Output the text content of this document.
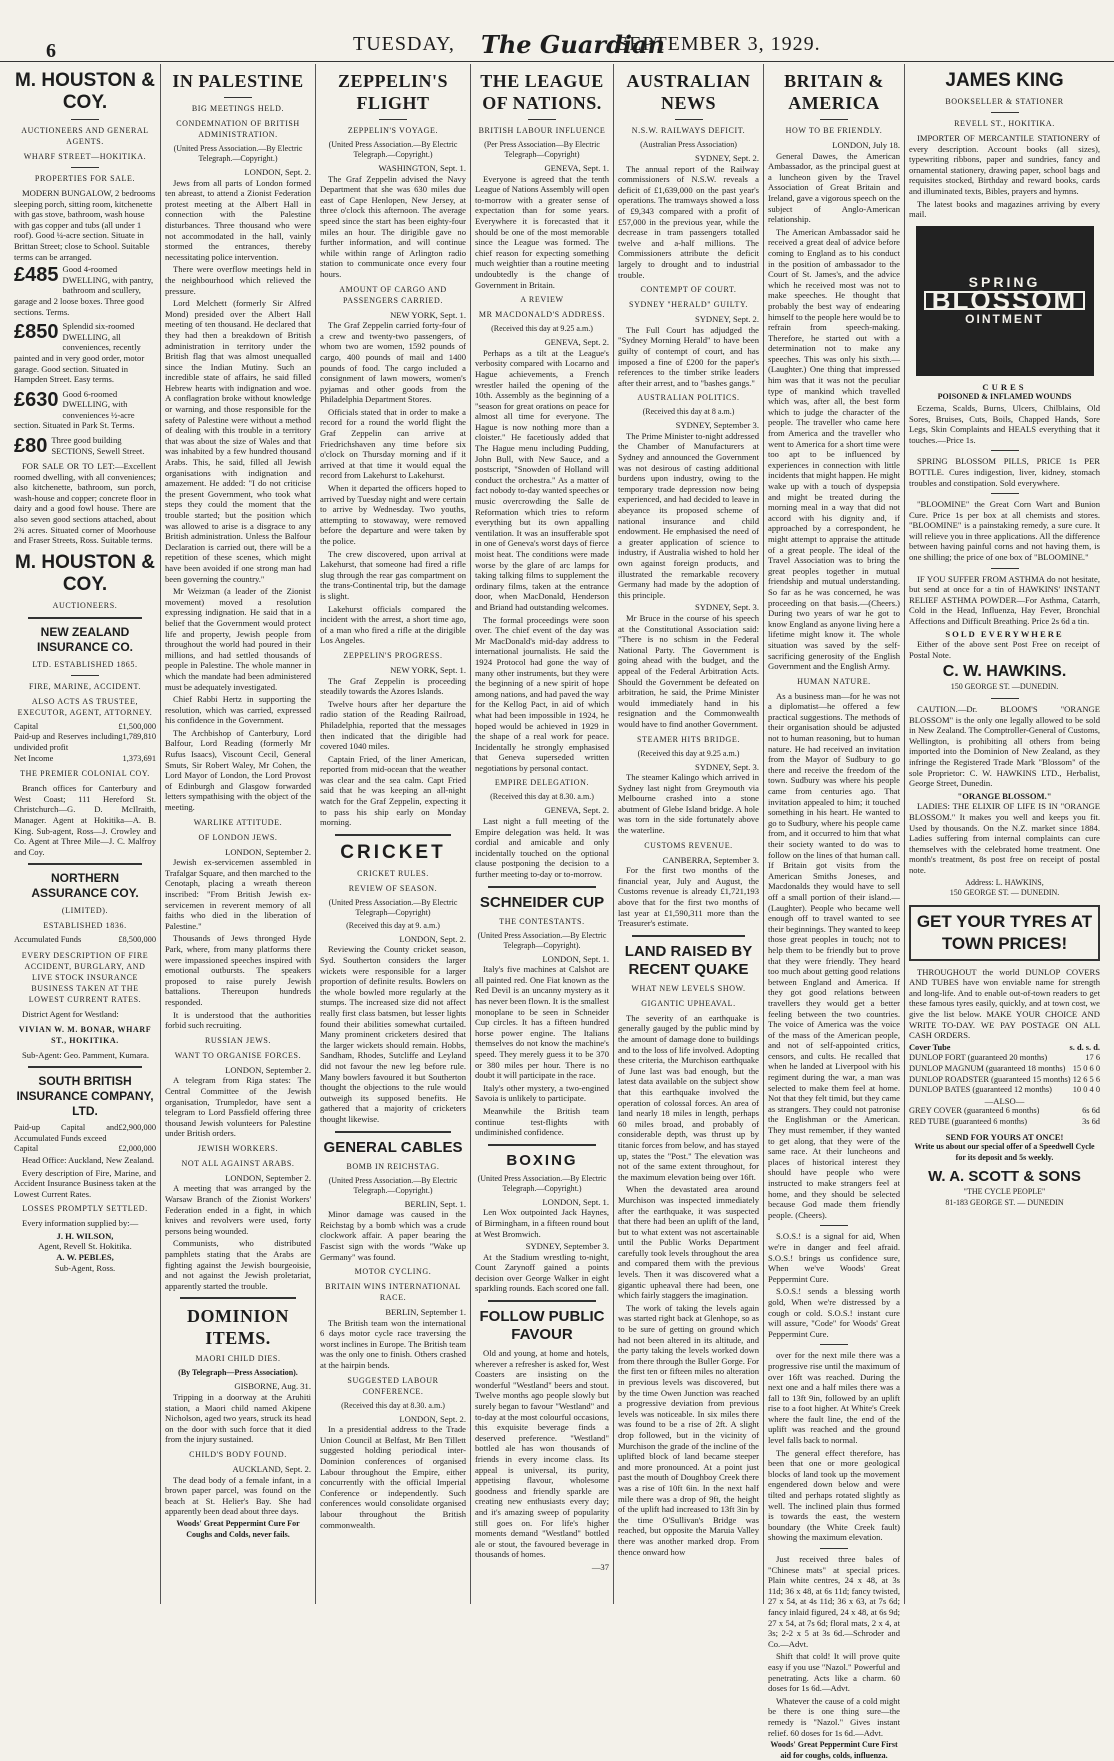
6	TUESDAY, The Guardian
SEPTEMBER 3, 1929.
M. HOUSTON & COY.
AUCTIONEERS AND GENERAL AGENTS.
WHARF STREET—HOKITIKA.
PROPERTIES FOR SALE.

MODERN BUNGALOW, 2 bedrooms sleeping porch, sitting room, kitchenette with gas stove, bathroom, wash house with gas copper and tubs (all under 1 roof). Good ¼-acre section. Situate in Brittan Street; close to School. Suitable terms can be arranged.

£485 Good 4-roomed DWELLING, with pantry, bathroom and scullery, garage and 2 loose boxes. Three good sections. Terms.
£850 Splendid six-roomed DWELLING, all conveniences, recently painted and in very good order, motor garage. Good section. Situated in Hampden Street. Easy terms.
£630 Good 6-roomed DWELLING, with conveniences ½-acre section. Situated in Park St. Terms.
£80 Three good building SECTIONS, Sewell Street.

FOR SALE OR TO LET:—Excellent roomed dwelling, with all conveniences; also kitchenette, bathroom, sun porch, wash-house and copper; concrete floor in dairy and a good fowl house. There are also seven good sections attached, about 2¾ acres. Situated corner of Moorhouse and Fraser Streets, Ross. Suitable terms.

M. HOUSTON & COY.
AUCTIONEERS.
NEW ZEALAND INSURANCE CO.
LTD. ESTABLISHED 1865.
FIRE, MARINE, ACCIDENT.
ALSO ACTS AS TRUSTEE, EXECUTOR, AGENT, ATTORNEY.
Capital	£1,500,000
Paid-up and Reserves including undivided profit
1,789,810
Net Income	1,373,691
THE PREMIER COLONIAL COY.

Branch offices for Canterbury and West Coast; 111 Hereford St. Christchurch—G. D. McIlraith, Manager. Agent at Hokitika—A. B. King. Sub-agent, Ross—J. Crowley and Co. Agent at Three Mile—J. C. Malfroy and Coy.

NORTHERN ASSURANCE COY.
(LIMITED).
ESTABLISHED 1836.
Accumulated Funds	£8,500,000
EVERY DESCRIPTION OF FIRE ACCIDENT, BURGLARY, AND LIVE STOCK INSURANCE BUSINESS TAKEN AT THE LOWEST CURRENT RATES.

District Agent for Westland:

VIVIAN W. M. BONAR, WHARF ST., HOKITIKA.

Sub-Agent: Geo. Pamment, Kumara.

SOUTH BRITISH INSURANCE COMPANY, LTD.
Paid-up Capital and Accumulated Funds exceed
£2,900,000
Capital	£2,000,000

Head Office: Auckland, New Zealand.

Every description of Fire, Marine, and Accident Insurance Business taken at the Lowest Current Rates.

LOSSES PROMPTLY SETTLED.

Every information supplied by:—

J. H. WILSON,
Agent, Revell St. Hokitika.
A. W. PEBLES,
Sub-Agent, Ross.
IN PALESTINE
BIG MEETINGS HELD.
CONDEMNATION OF BRITISH ADMINISTRATION.
(United Press Association.—By Electric Telegraph.—Copyright.)
LONDON, Sept. 2.

Jews from all parts of London formed ten abreast, to attend a Zionist Federation protest meeting at the Albert Hall in connection with the Palestine disturbances. Three thousand who were not accommodated in the hall, vainly stormed the entrances, thereby necessitating police intervention.

There were overflow meetings held in the neighbourhood which relieved the pressure.

Lord Melchett (formerly Sir Alfred Mond) presided over the Albert Hall meeting of ten thousand. He declared that they had then a breakdown of British administration in territory under the British flag that was almost unequalled since the Indian Mutiny. Such an incredible state of affairs, he said filled Hebrew hearts with indignation and woe. A conflagration broke without knowledge or warning, and those responsible for the safety of Palestine were without a method of dealing with this trouble in a territory that was about the size of Wales and that was inhabited by a few hundred thousand Arabs. This, he said, filled all Jewish organisations with indignation and amazement. He added: "I do not criticise the present Government, who took what steps they could the moment that the trouble started; but the position which was allowed to arise is a disgrace to any British administration. Unless the Balfour Declaration is carried out, there will be a repetition of these scenes, which might have been avoided if one strong man had been governing the country."

Mr Weizman (a leader of the Zionist movement) moved a resolution expressing indignation. He said that in a belief that the Government would protect life and property, Jewish people from throughout the world had poured in their millions, and had settled thousands of people in Palestine. The whole manner in which the mandate had been administered must be adequately investigated.

Chief Rabbi Hertz in supporting the resolution, which was carried, expressed his confidence in the Government.

The Archbishop of Canterbury, Lord Balfour, Lord Reading (formerly Mr Rufus Isaacs), Viscount Cecil, General Smuts, Sir Robert Waley, Mr Cohen, the Lord Mayor of London, the Lord Provost of Edinburgh and Glasgow forwarded letters sympathising with the object of the meeting.

WARLIKE ATTITUDE.
OF LONDON JEWS.
LONDON, September 2.

Jewish ex-servicemen assembled in Trafalgar Square, and then marched to the Cenotaph, placing a wreath thereon inscribed: "From British Jewish ex-servicemen in reverent memory of all faiths who died in the liberation of Palestine."

Thousands of Jews thronged Hyde Park, where, from many platforms there were impassioned speeches inspired with emotional outbursts. The speakers proposed to raise purely Jewish battalions. Thereupon hundreds responded.

It is understood that the authorities forbid such recruiting.

RUSSIAN JEWS.
WANT TO ORGANISE FORCES.
LONDON, September 2.

A telegram from Riga states: The Central Committee of the Jewish organisation, Trumpledor, have sent a telegram to Lord Passfield offering three thousand Jewish volunteers for Palestine under British orders.

JEWISH WORKERS.
NOT ALL AGAINST ARABS.
LONDON, September 2.

A meeting that was arranged by the Warsaw Branch of the Zionist Workers' Federation ended in a fight, in which knives and revolvers were used, forty persons being wounded.

Communists, who distributed pamphlets stating that the Arabs are fighting against the Jewish bourgeoisie, and not against the Jewish proletariat, apparently started the trouble.

DOMINION ITEMS.
MAORI CHILD DIES.
(By Telegraph—Press Association).
GISBORNE, Aug. 31.

Tripping in a doorway at the Aruhiti station, a Maori child named Akipene Nicholson, aged two years, struck its head on the door with such force that it died from the injury sustained.

CHILD'S BODY FOUND.
AUCKLAND, Sept. 2.

The dead body of a female infant, in a brown paper parcel, was found on the beach at St. Helier's Bay. She had apparently been dead about three days.

Woods' Great Peppermint Cure For Coughs and Colds, never fails.
ZEPPELIN'S FLIGHT
ZEPPELIN'S VOYAGE.
(United Press Association.—By Electric Telegraph.—Copyright.)
WASHINGTON, Sept. 1.

The Graf Zeppelin advised the Navy Department that she was 630 miles due east of Cape Henlopen, New Jersey, at three o'clock this afternoon. The average speed since the start has been eighty-four miles an hour. The dirigible gave no further information, and will continue while within range of Arlington radio station to communicate once every four hours.

AMOUNT OF CARGO AND PASSENGERS CARRIED.
NEW YORK, Sept. 1.

The Graf Zeppelin carried forty-four of a crew and twenty-two passengers, of whom two are women, 1592 pounds of cargo, 400 pounds of mail and 1400 pounds of food. The cargo included a consignment of lawn mowers, women's pyjamas and other goods from the Philadelphia Department Stores.

Officials stated that in order to make a record for a round the world flight the Graf Zeppelin can arrive at Friedrichshaven any time before six o'clock on Thursday morning and if it arrived at that time it would equal the record from Lakehurst to Lakehurst.

When it departed the officers hoped to arrived by Tuesday night and were certain to arrive by Wednesday. Two youths, attempting to stowaway, were removed before the departure and were taken by the police.

The crew discovered, upon arrival at Lakehurst, that someone had fired a rifle slug through the rear gas compartment on the trans-Continental trip, but the damage is slight.

Lakehurst officials compared the incident with the arrest, a short time ago, of a man who fired a rifle at the dirigible Los Angeles.

ZEPPELIN'S PROGRESS.
NEW YORK, Sept. 1.

The Graf Zeppelin is proceeding steadily towards the Azores Islands.

Twelve hours after her departure the radio station of the Reading Railroad, Philadelphia, reported that the messages then indicated that the dirigible had covered 1040 miles.

Captain Fried, of the liner American, reported from mid-ocean that the weather was clear and the sea calm. Capt Fried said that he was keeping an all-night watch for the Graf Zeppelin, expecting it to pass his ship early on Monday morning.

CRICKET
CRICKET RULES.
REVIEW OF SEASON.
(United Press Association.—By Electric Telegraph—Copyright)
(Received this day at 9. a.m.)
LONDON, Sept. 2.

Reviewing the County cricket season, Syd. Southerton considers the larger wickets were responsible for a larger proportion of definite results. Bowlers on the whole bowled more regularly at the stumps. The increased size did not affect really first class batsmen, but lesser lights found their abilities somewhat curtailed. Many prominent cricketers desired that the larger wickets should remain. Hobbs, Sandham, Rhodes, Sutcliffe and Leyland did not favour the new leg before rule. Many bowlers favoured it but Southerton thought the objections to the rule would outweigh its supposed benefits. He gathered that a majority of cricketers thought likewise.

GENERAL CABLES
BOMB IN REICHSTAG.
(United Press Association.—By Electric Telegraph.—Copyright.)
BERLIN, Sept. 1.

Minor damage was caused in the Reichstag by a bomb which was a crude clockwork affair. A paper bearing the Fascist sign with the words "Wake up Germany" was found.

MOTOR CYCLING.
BRITAIN WINS INTERNATIONAL RACE.
BERLIN, September 1.

The British team won the international 6 days motor cycle race traversing the worst inclines in Europe. The British team was the only one to finish. Others crashed at the hairpin bends.

SUGGESTED LABOUR CONFERENCE.
(Received this day at 8.30. a.m.)
LONDON, Sept. 2.

In a presidential address to the Trade Union Council at Belfast, Mr Ben Tillett suggested holding periodical inter-Dominion conferences of organised Labour throughout the Empire, either concurrently with the official Imperial Conference or independently. Such conferences would consolidate organised labour throughout the British commonwealth.

THE LEAGUE OF NATIONS.
BRITISH LABOUR INFLUENCE
(Per Press Association—By Electric Telegraph—Copyright)
GENEVA, Sept. 1.

Everyone is agreed that the tenth League of Nations Assembly will open to-morrow with a greater sense of expectation than for some years. Everywhere it is forecasted that it should be one of the most memorable since the League was formed. The chief reason for expecting something much weightier than a routine meeting undoubtedly is the change of Government in Britain.

A REVIEW
MR MACDONALD'S ADDRESS.
(Received this day at 9.25 a.m.)
GENEVA, Sept. 2.

Perhaps as a tilt at the League's verbosity compared with Locarno and Hague achievements, a French wrestler hailed the opening of the 10th. Assembly as the beginning of a "season for great orations on peace for almost all time for everyone. The Hague is now nothing more than a cloister." He facetiously added that The Hague menu including Pudding, John Bull, with New Sauce, and a postscript, "Snowden of Holland will conduct the orchestra." As a matter of fact nobody to-day wanted speeches or music overcrowding the Salle de Reformation which tries to reform everything but its own appalling ventilation. It was an insufferable spot in one of Geneva's worst days of fierce moist heat. The conditions were made worse by the glare of arc lamps for taking talking films to supplement the ordinary films, taken at the entrance door, when MacDonald, Henderson and Briand had outstanding welcomes.

The formal proceedings were soon over. The chief event of the day was Mr MacDonald's mid-day address to international journalists. He said the 1924 Protocol had gone the way of many other instruments, but they were the beginning of a new spirit of hope among nations, and had paved the way for the Kellog Pact, in aid of which what had been impossible in 1924, he hoped would be achieved in 1929 in the shape of a real work for peace. Incidentally he strongly emphasised that Geneva superseded written negotiations by personal contact.

EMPIRE DELEGATION.
(Received this day at 8.30. a.m.)
GENEVA, Sept. 2.

Last night a full meeting of the Empire delegation was held. It was cordial and amicable and only incidentally touched on the optional clause postponing the decision to a further meeting to-day or to-morrow.

SCHNEIDER CUP
THE CONTESTANTS.
(United Press Association.—By Electric Telegraph—Copyright).
LONDON, Sept. 1.

Italy's five machines at Calshot are all painted red. One Fiat known as the Red Devil is an uncanny mystery as it has never been flown. It is the smallest monoplane to be seen in Schneider Cup circles. It has a fifteen hundred horse power engine. The Italians themselves do not know the machine's speed. They merely guess it to be 370 or 380 miles per hour. There is no doubt it will participate in the race.

Italy's other mystery, a two-engined Savoia is unlikely to participate.

Meanwhile the British team continue test-flights with undiminished confidence.

BOXING
(United Press Association.—By Electric Telegraph.—Copyright.)
LONDON, Sept. 1.

Len Wox outpointed Jack Haynes, of Birmingham, in a fifteen round bout at West Bromwich.

SYDNEY, September 3.

At the Stadium wrestling to-night, Count Zarynoff gained a points decision over George Walker in eight sparkling rounds. Each scored one fall.

FOLLOW PUBLIC FAVOUR

Old and young, at home and hotels, wherever a refresher is asked for, West Coasters are insisting on the wonderful "Westland" beers and stout. Twelve months ago people slowly but surely began to favour "Westland" and to-day at the most colourful occasions, this exquisite beverage finds a deserved preference. "Westland" bottled ale has won thousands of friends in every income class. Its appeal is universal, its purity, appetising flavour, wholesome goodness and friendly sparkle are creating new enthusiasts every day; and it's amazing sweep of popularity still goes on. For life's higher moments demand "Westland" bottled ale or stout, the favoured beverage in thousands of homes.

—37
AUSTRALIAN NEWS
N.S.W. RAILWAYS DEFICIT.
(Australian Press Association)
SYDNEY, Sept. 2.

The annual report of the Railway commissioners of N.S.W. reveals a deficit of £1,639,000 on the past year's operations. The tramways showed a loss of £9,343 compared with a profit of £57,000 in the previous year, while the decrease in tram passengers totalled twelve and a-half millions. The Commissioners attribute the deficit largely to drought and to industrial trouble.

CONTEMPT OF COURT.
SYDNEY "HERALD" GUILTY.
SYDNEY, Sept. 2.

The Full Court has adjudged the "Sydney Morning Herald" to have been guilty of contempt of court, and has imposed a fine of £200 for the paper's references to the timber strike leaders after their arrest, and to "bashes gangs."

AUSTRALIAN POLITICS.
(Received this day at 8 a.m.)
SYDNEY, September 3.

The Prime Minister to-night addressed the Chamber of Manufacturers at Sydney and announced the Government was not desirous of casting additional burdens upon industry, owing to the temporary trade depression now being experienced, and had decided to leave in abeyance its proposed scheme of national insurance and child endowment. He emphasised the need of a greater application of science to industry, if Australia wished to hold her own against foreign products, and illustrated the remarkable recovery Germany had made by the adoption of this principle.

SYDNEY, Sept. 3.

Mr Bruce in the course of his speech at the Constitutional Association said: "There is no schism in the Federal National Party. The Government is going ahead with the budget, and the appeal of the Federal Arbitration Acts. Should the Government be defeated on arbitration, he said, the Prime Minister would immediately hand in his resignation and the Commonwealth would have to find another Government.

STEAMER HITS BRIDGE.
(Received this day at 9.25 a.m.)
SYDNEY, Sept. 3.

The steamer Kalingo which arrived in Sydney last night from Greymouth via Melbourne crashed into a stone abutment of Glebe Island bridge. A hole was torn in the side fortunately above the waterline.

CUSTOMS REVENUE.
CANBERRA, September 3.

For the first two months of the financial year, July and August, the Customs revenue is already £1,721,193 above that for the first two months of last year at £1,590,311 more than the Treasurer's estimate.

LAND RAISED BY RECENT QUAKE
WHAT NEW LEVELS SHOW.
GIGANTIC UPHEAVAL.

The severity of an earthquake is generally gauged by the public mind by the amount of damage done to buildings and to the loss of life involved. Adopting these criteria, the Murchison earthquake of June last was bad enough, but the latest data available on the subject show that this earthquake involved the operation of colossal forces. An area of land nearly 18 miles in length, perhaps 60 miles broad, and probably of considerable depth, was thrust up by titanic forces from below, and has stayed up, states the "Post." The elevation was not of the same extent throughout, for the maximum elevation being over 16ft.

When the devastated area around Murchison was inspected immediately after the earthquake, it was suspected that there had been an uplift of the land, but to what extent was not ascertainable until the Public Works Department carefully took levels throughout the area and compared them with the previous levels. Then it was discovered what a gigantic upheaval there had been, one which fairly staggers the imagination.

The work of taking the levels again was started right back at Glenhope, so as to be sure of getting on ground which had not been altered in its altitude, and the party taking the levels worked down from there through the Buller Gorge. For the first ten or fifteen miles no alteration in previous levels was discovered, but by the time Owen Junction was reached a progressive deviation from previous levels was noticeable. In six miles there was found to be a rise of 2ft. A slight drop followed, but in the vicinity of Murchison the grade of the incline of the uplifted block of land became steeper and more pronounced. At a point just past the mouth of Doughboy Creek there was a rise of 10ft 6in. In the next half mile there was a drop of 9ft, the height of the uplift had increased to 13ft 3in by the time O'Sullivan's Bridge was reached, but opposite the Maruia Valley there was another marked drop. From thence onward how

BRITAIN & AMERICA
HOW TO BE FRIENDLY.
LONDON, July 18.

General Dawes, the American Ambassador, as the principal guest at a luncheon given by the Travel Association of Great Britain and Ireland, gave a vigorous speech on the subject of Anglo-American relationship.

The American Ambassador said he received a great deal of advice before coming to England as to his conduct in the position of ambassador to the Court of St. James's, and the advice which he received most was not to make speeches. He thought that probably the best way of endearing himself to the people here would be to refrain from speech-making. Therefore, he started out with a determination not to make any speeches. This was only his sixth.—(Laughter.) One thing that impressed him was that it was not the peculiar type of mankind which travelled which was, after all, the best form which to judge the character of the people. The traveller who came here from America and the traveller who went to America for a short time were too apt to be influenced by experiences in connection with little incidents that might happen. He might wake up with a touch of dyspepsia and might be treated during the morning meal in a way that did not accord with his dignity and, if approached by a correspondent, he might attempt to appraise the attitude of a great people. The ideal of the Travel Association was to bring the great peoples together in mutual friendship and mutual understanding. So far as he was concerned, he was proceeding on that basis.—(Cheers.) During two years of war he got to know England as anyone living here a lifetime might know it. The whole situation was saved by the self-sacrificing generosity of the English Government and the English Army.

HUMAN NATURE.

As a business man—for he was not a diplomatist—he offered a few practical suggestions. The methods of their organisation should be adjusted not to human reasoning, but to human nature. He had received an invitation from the Mayor of Sudbury to go there and receive the freedom of the town. Sudbury was where his people came from centuries ago. That invitation appealed to him; it touched something in his heart. He wanted to go to Sudbury, where his people came from, and it occurred to him that what their society wanted to do was to follow on the lines of that human call. If Britain got visits from the American Smiths Joneses, and Macdonalds they would have to sell off a small portion of their island.—(Laughter). People who became well enough off to travel wanted to see their beginnings. They wanted to keep those great peoples in touch; not to help them to be friendly but to prove that they were friendly. They heard too much about getting good relations between England and America. If they got good relations between travellers they would get a better feeling between the two countries. The voice of America was the voice of the mass of the American people, and not of self-appointed critics, censors, and cults. He recalled that when he landed at Liverpool with his regiment during the war, a man was selected to make them feel at home. Not that they felt timid, but they came as strangers. They could not patronise the Englishman or the American. They must remember, if they wanted to get along, that they were of the same race. At their luncheons and places of historical interest they should have people who were instructed to make strangers feel at home, and they should be selected because God made them friendly people. (Cheers).

S.O.S.! is a signal for aid, When we're in danger and feel afraid. S.O.S.! brings us confidence sure, When we've Woods' Great Peppermint Cure.

S.O.S.! sends a blessing worth gold, When we're distressed by a cough or cold. S.O.S.! instant cure will assure, "Code" for Woods' Great Peppermint Cure.

over for the next mile there was a progressive rise until the maximum of over 16ft was reached. During the next one and a half miles there was a fall to 13ft 9in, followed by an uplift rise to a foot higher. At White's Creek where the fault line, the end of the uplift was reached and the ground level falls back to normal.

The general effect therefore, has been that one or more geological blocks of land took up the movement engendered down below and were tilted and perhaps rotated slightly as well. The inclined plain thus formed is towards the east, the western boundary (the White Creek fault) showing the maximum elevation.

Just received three bales of "Chinese mats" at special prices. Plain white centres, 24 x 48, at 3s 11d; 36 x 48, at 6s 11d; fancy twisted, 27 x 54, at 4s 11d; 36 x 63, at 7s 6d; fancy inlaid figured, 24 x 48, at 6s 9d; 27 x 54, at 7s 6d; floral mats, 2 x 4, at 3s; 2-2 x 5 at 3s 6d.—Schroder and Co.—Advt.

Shift that cold! It will prove quite easy if you use "Nazol." Powerful and penetrating. Acts like a charm. 60 doses for 1s 6d.—Advt.

Whatever the cause of a cold might be there is one thing sure—the remedy is "Nazol." Gives instant relief. 60 doses for 1s 6d.—Advt.

Woods' Great Peppermint Cure First aid for coughs, colds, influenza.
JAMES KING
BOOKSELLER & STATIONER
REVELL ST., HOKITIKA.

IMPORTER OF MERCANTILE STATIONERY of every description. Account books (all sizes), typewriting ribbons, paper and sundries, fancy and ornamental stationery, drawing paper, school bags and requisites stocked, Birthday and reward books, cards and illuminated texts, Bibles, prayers and hymns.

The latest books and magazines arriving by every mail.

SPRING
BLOSSOM
OINTMENT
CURES
POISONED & INFLAMED WOUNDS

Eczema, Scalds, Burns, Ulcers, Chilblains, Old Sores, Bruises, Cuts, Boils, Chapped Hands, Sore Legs, Skin Complaints and HEALS everything that it touches.—Price 1s.

SPRING BLOSSOM PILLS, PRICE 1s PER BOTTLE. Cures indigestion, liver, kidney, stomach troubles and constipation. Sold everywhere.

"BLOOMINE" the Great Corn Wart and Bunion Cure. Price 1s per box at all chemists and stores. "BLOOMINE" is a painstaking remedy, a sure cure. It will relieve you in three applications. All the difference between having painful corns and not having them, is one shilling; the price of one box of "BLOOMINE."

IF YOU SUFFER FROM ASTHMA do not hesitate, but send at once for a tin of HAWKINS' INSTANT RELIEF ASTHMA POWDER—For Asthma, Catarrh, Cold in the Head, Influenza, Hay Fever, Bronchial Affections and Difficult Breathing. Price 2s 6d a tin.

SOLD EVERYWHERE

Either of the above sent Post Free on receipt of Postal Note.

C. W. HAWKINS.
150 GEORGE ST. —DUNEDIN.

CAUTION.—Dr. BLOOM'S "ORANGE BLOSSOM" is the only one legally allowed to be sold in New Zealand. The Comptroller-General of Customs, Wellington, is prohibiting all others from being imported into the Dominion of New Zealand, as they infringe the Registered Trade Mark "Blossom" of the sole Proprietor: C. W. HAWKINS LTD., Herbalist, George Street, Dunedin.

"ORANGE BLOSSOM."

LADIES: THE ELIXIR OF LIFE IS IN "ORANGE BLOSSOM." It makes you well and keeps you fit. Used by thousands. On the N.Z. market since 1884. Ladies suffering from internal complaints can cure themselves with the celebrated home treatment. One month's treatment, 8s post free on receipt of postal note.

Address: L. HAWKINS,
150 GEORGE ST. — DUNEDIN.
GET YOUR TYRES AT TOWN PRICES!

THROUGHOUT the world DUNLOP COVERS AND TUBES have won enviable name for strength and long-life. And to enable out-of-town readers to get these famous tyres easily, quickly, and at town cost, we give the list below. MAKE YOUR CHOICE AND WRITE TO-DAY. WE PAY POSTAGE ON ALL CASH ORDERS.

Cover Tube	s. d. s. d.
DUNLOP FORT (guaranteed 20 months)	17 6
DUNLOP MAGNUM (guaranteed 18 months) 15 0 6 0
DUNLOP ROADSTER (guaranteed 15 months) 12 6 5 6
DUNLOP BATES (guaranteed 12 months) 10 0 4 0
—ALSO—
GREY COVER (guaranteed 6 months)	6s 6d
RED TUBE (guaranteed 6 months)	3s 6d
SEND FOR YOURS AT ONCE!
Write us about our special offer of a Speedwell Cycle for its deposit and 5s weekly.
W. A. SCOTT & SONS
"THE CYCLE PEOPLE"
81-183 GEORGE ST. — DUNEDIN
